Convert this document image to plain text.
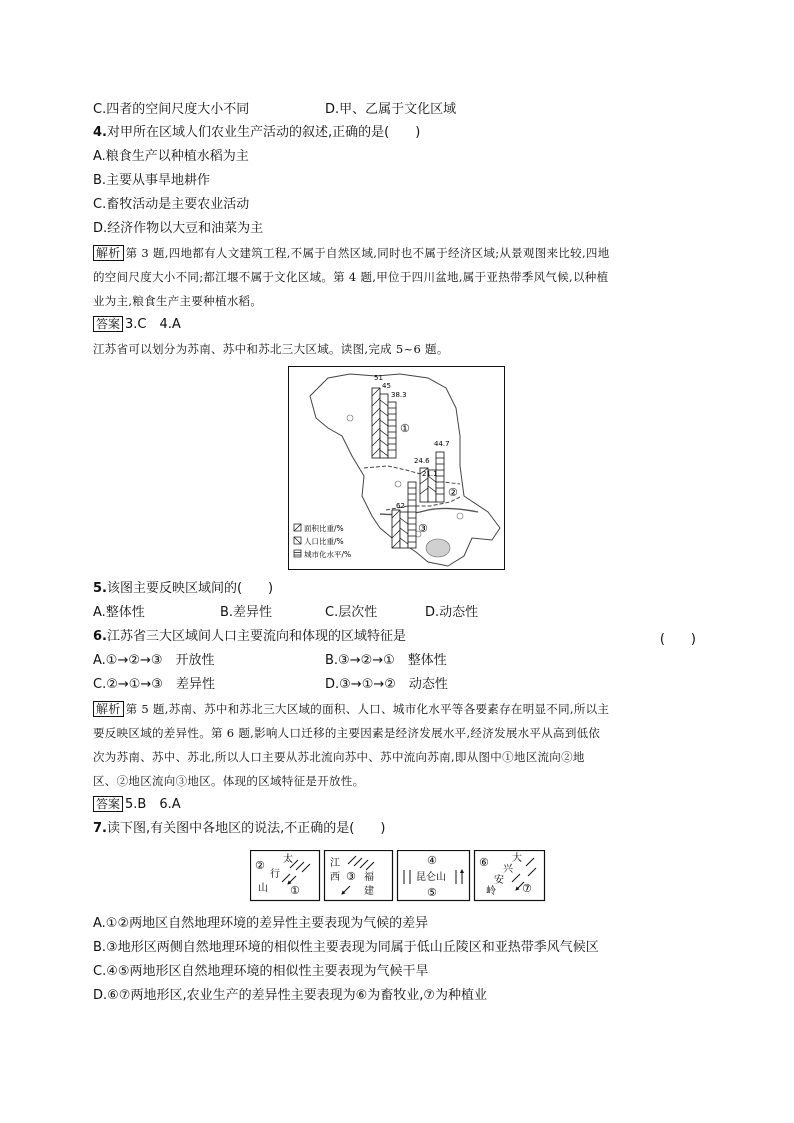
C.四者的空间尺度大小不同	D.甲、乙属于文化区域
4.对甲所在区域人们农业生产活动的叙述,正确的是(　　)
A.粮食生产以种植水稻为主
B.主要从事旱地耕作
C.畜牧活动是主要农业活动
D.经济作物以大豆和油菜为主
解析 第 3 题,四地都有人文建筑工程,不属于自然区域,同时也不属于经济区域;从景观图来比较,四地
的空间尺度大小不同;都江堰不属于文化区域。第 4 题,甲位于四川盆地,属于亚热带季风气候,以种植
业为主,粮食生产主要种植水稻。
答案 3.C　4.A
江苏省可以划分为苏南、苏中和苏北三大区域。读图,完成 5~6 题。
51
45
38.3
44.7
24.6
21.1
62
①
②
③
面积比重/%
人口比重/%
城市化水平/%
5.该图主要反映区域间的(　　)
A.整体性	B.差异性	C.层次性	D.动态性
6.江苏省三大区域间人口主要流向和体现的区域特征是	(　　)
A.①→②→③　开放性	B.③→②→①　整体性
C.②→①→③　差异性	D.③→①→②　动态性
解析 第 5 题,苏南、苏中和苏北三大区域的面积、人口、城市化水平等各要素存在明显不同,所以主
要反映区域的差异性。第 6 题,影响人口迁移的主要因素是经济发展水平,经济发展水平从高到低依
次为苏南、苏中、苏北,所以人口主要从苏北流向苏中、苏中流向苏南,即从图中①地区流向②地
区、②地区流向③地区。体现的区域特征是开放性。
答案 5.B　6.A
7.读下图,有关图中各地区的说法,不正确的是(　　)
② 太
行
山 ①
江
西 ③ 福
建
④
昆仑山
⑤
⑥ 大
兴
安
岭 ⑦
A.①②两地区自然地理环境的差异性主要表现为气候的差异
B.③地形区两侧自然地理环境的相似性主要表现为同属于低山丘陵区和亚热带季风气候区
C.④⑤两地形区自然地理环境的相似性主要表现为气候干旱
D.⑥⑦两地形区,农业生产的差异性主要表现为⑥为畜牧业,⑦为种植业
